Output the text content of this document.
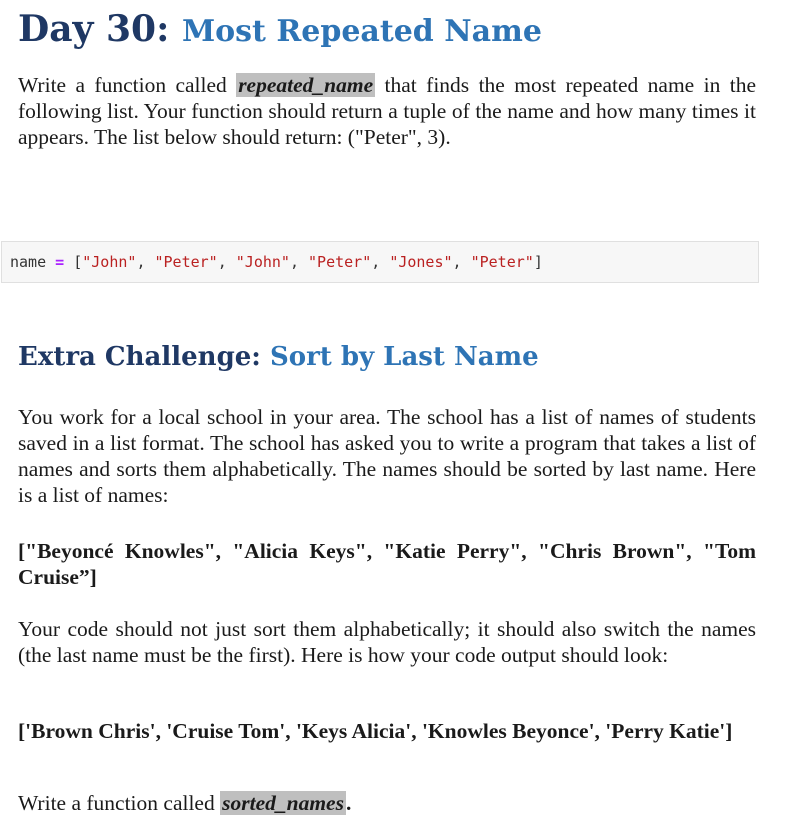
Day 30: Most Repeated Name

Write a function called repeated_name that finds the most repeated name in the following list. Your function should return a tuple of the name and how many times it appears. The list below should return: ("Peter", 3).

name = ["John", "Peter", "John", "Peter", "Jones", "Peter"]
Extra Challenge: Sort by Last Name

You work for a local school in your area. The school has a list of names of students saved in a list format. The school has asked you to write a program that takes a list of names and sorts them alphabetically. The names should be sorted by last name. Here is a list of names:

["Beyoncé Knowles", "Alicia Keys", "Katie Perry", "Chris Brown", "Tom Cruise”]

Your code should not just sort them alphabetically; it should also switch the names (the last name must be the first). Here is how your code output should look:

['Brown Chris', 'Cruise Tom', 'Keys Alicia', 'Knowles Beyonce', 'Perry Katie']

Write a function called sorted_names.
